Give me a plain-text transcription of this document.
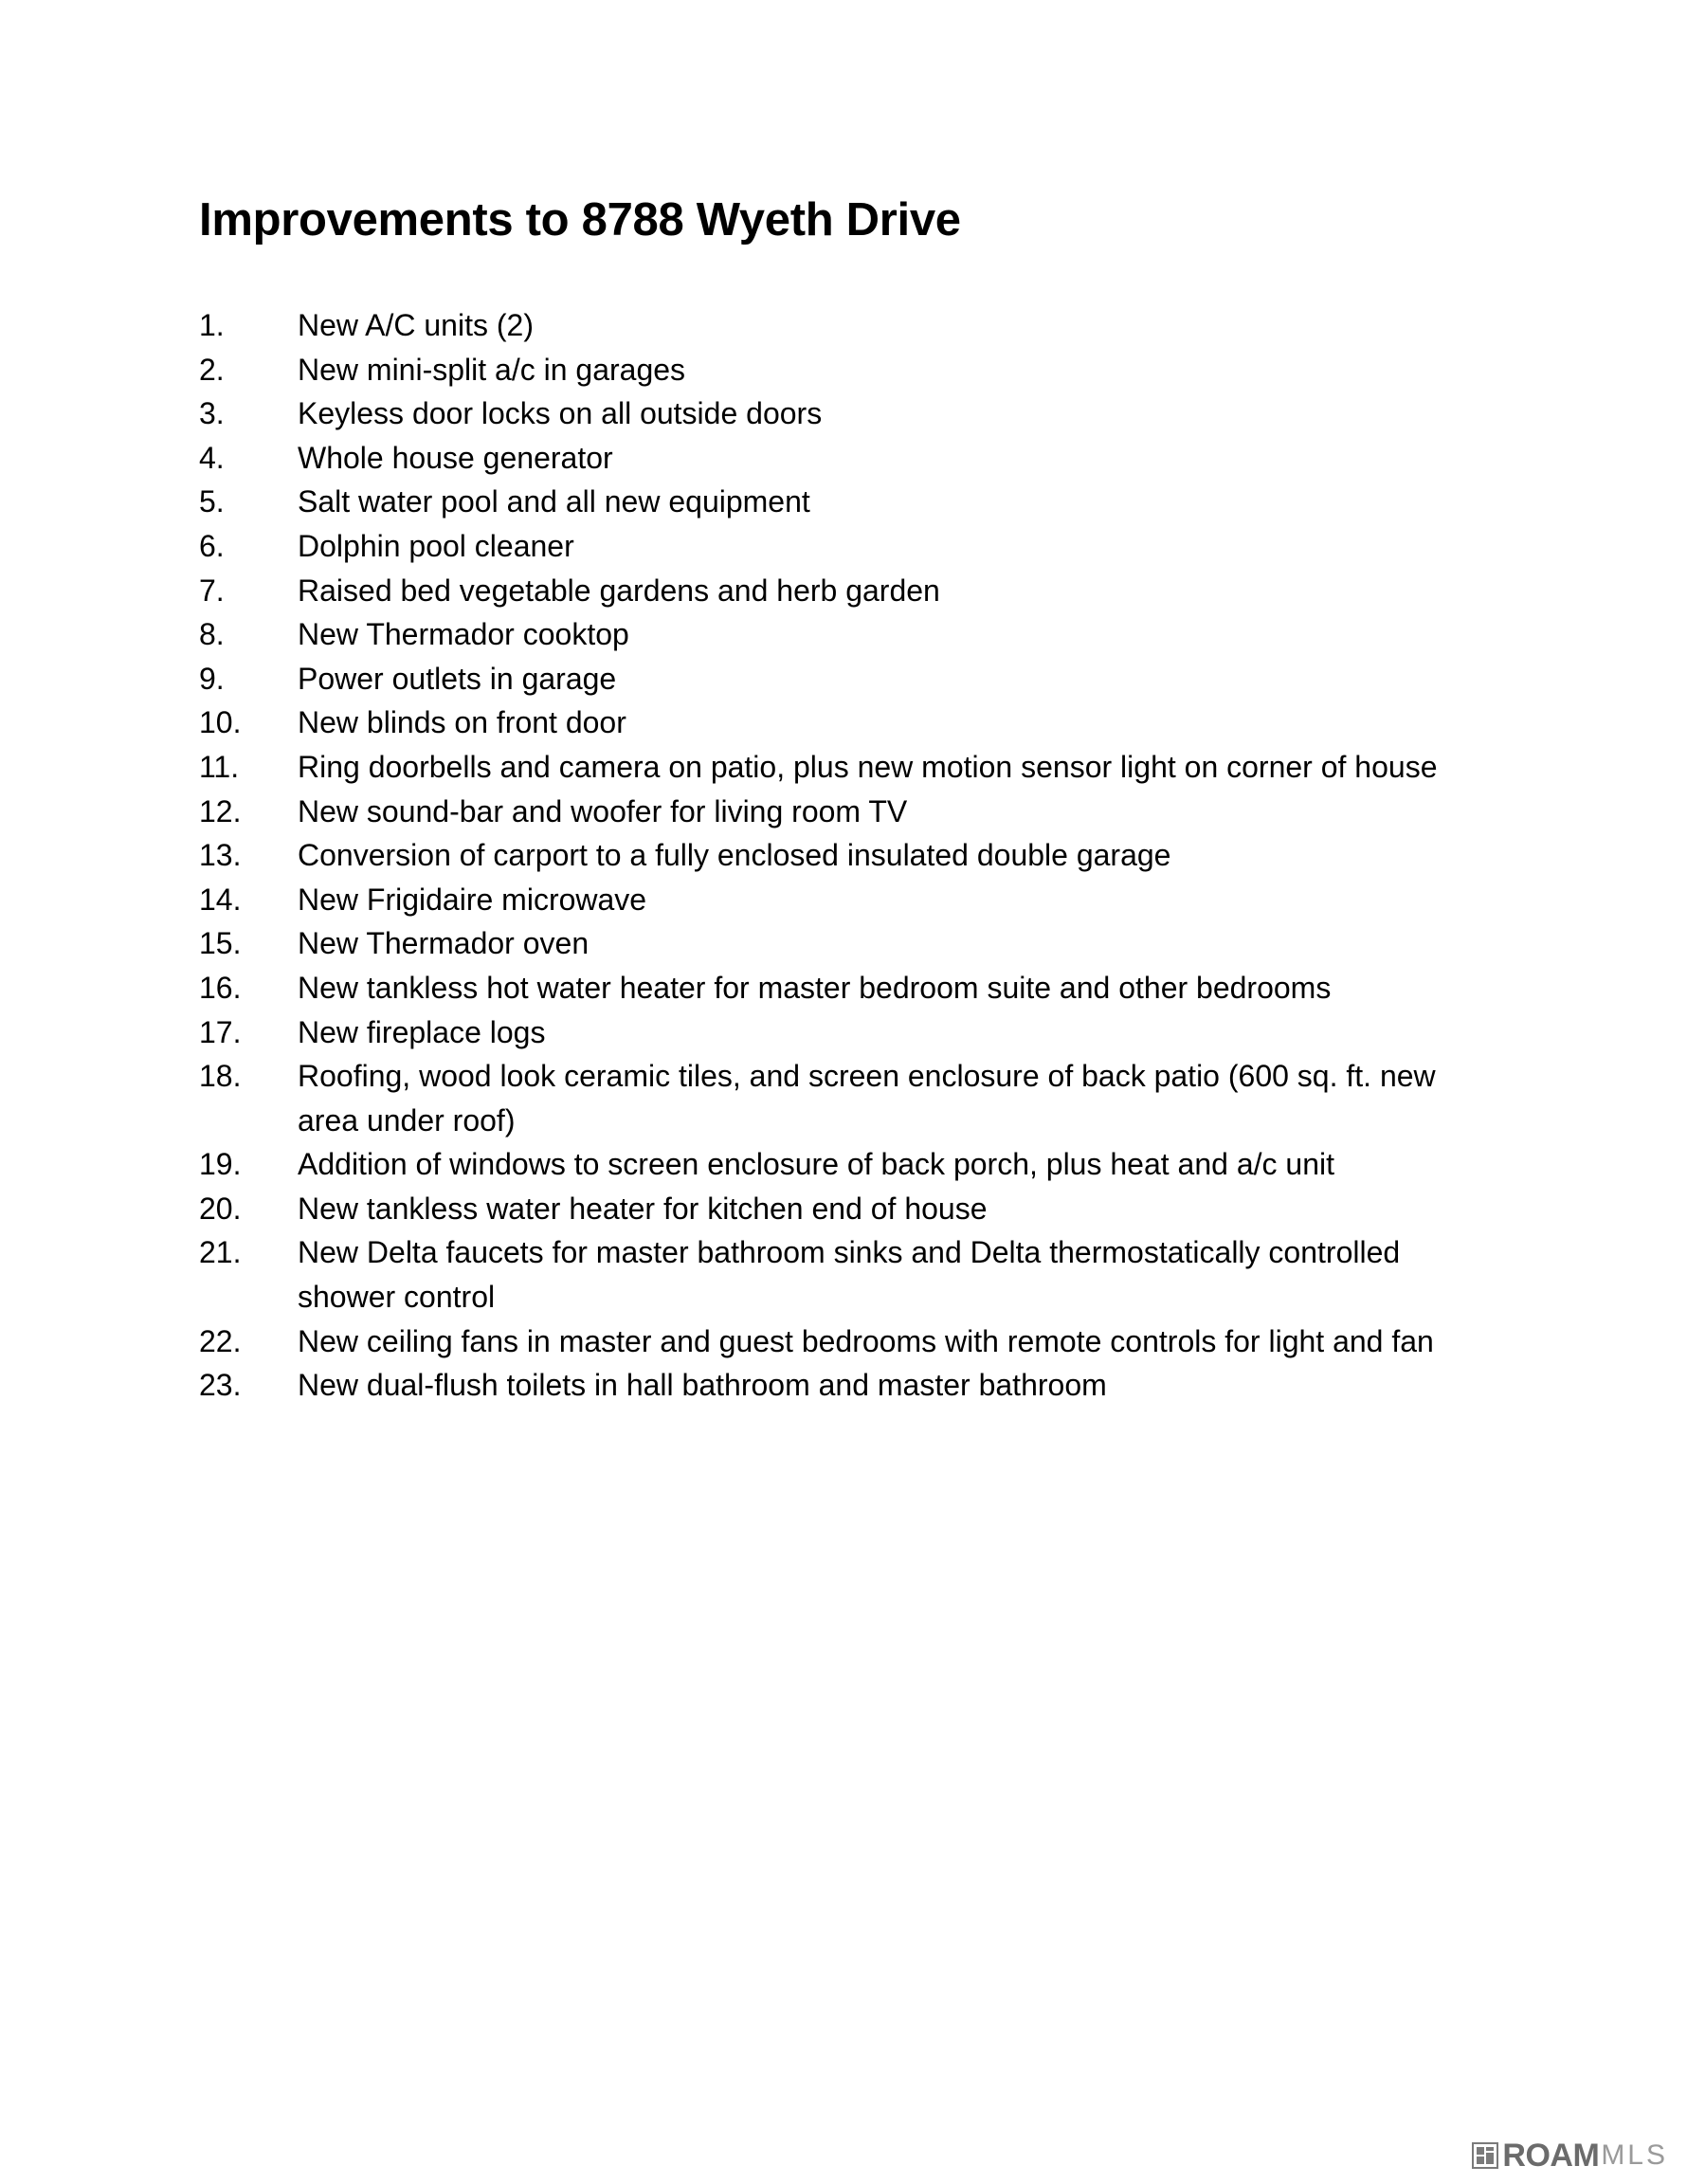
Improvements to 8788 Wyeth Drive
1.	New A/C units (2)
2.	New mini-split a/c in garages
3.	Keyless door locks on all outside doors
4.	Whole house generator
5.	Salt water pool and all new equipment
6.	Dolphin pool cleaner
7.	Raised bed vegetable gardens and herb garden
8.	New Thermador cooktop
9.	Power outlets in garage
10.	New blinds on front door
11.	Ring doorbells and camera on patio, plus new motion sensor light on corner of house
12.	New sound-bar and woofer for living room TV
13.	Conversion of carport to a fully enclosed insulated double garage
14.	New Frigidaire microwave
15.	New Thermador oven
16.	New tankless hot water heater for master bedroom suite and other bedrooms
17.	New fireplace logs
18.	Roofing, wood look ceramic tiles, and screen enclosure of back patio (600 sq. ft. new area under roof)
19.	Addition of windows to screen enclosure of back porch, plus heat and a/c unit
20.	New tankless water heater for kitchen end of house
21.	New Delta faucets for master bathroom sinks and Delta thermostatically controlled shower control
22.	New ceiling fans in master and guest bedrooms with remote controls for light and fan
23.	New dual-flush toilets in hall bathroom and master bathroom
ROAM MLS
